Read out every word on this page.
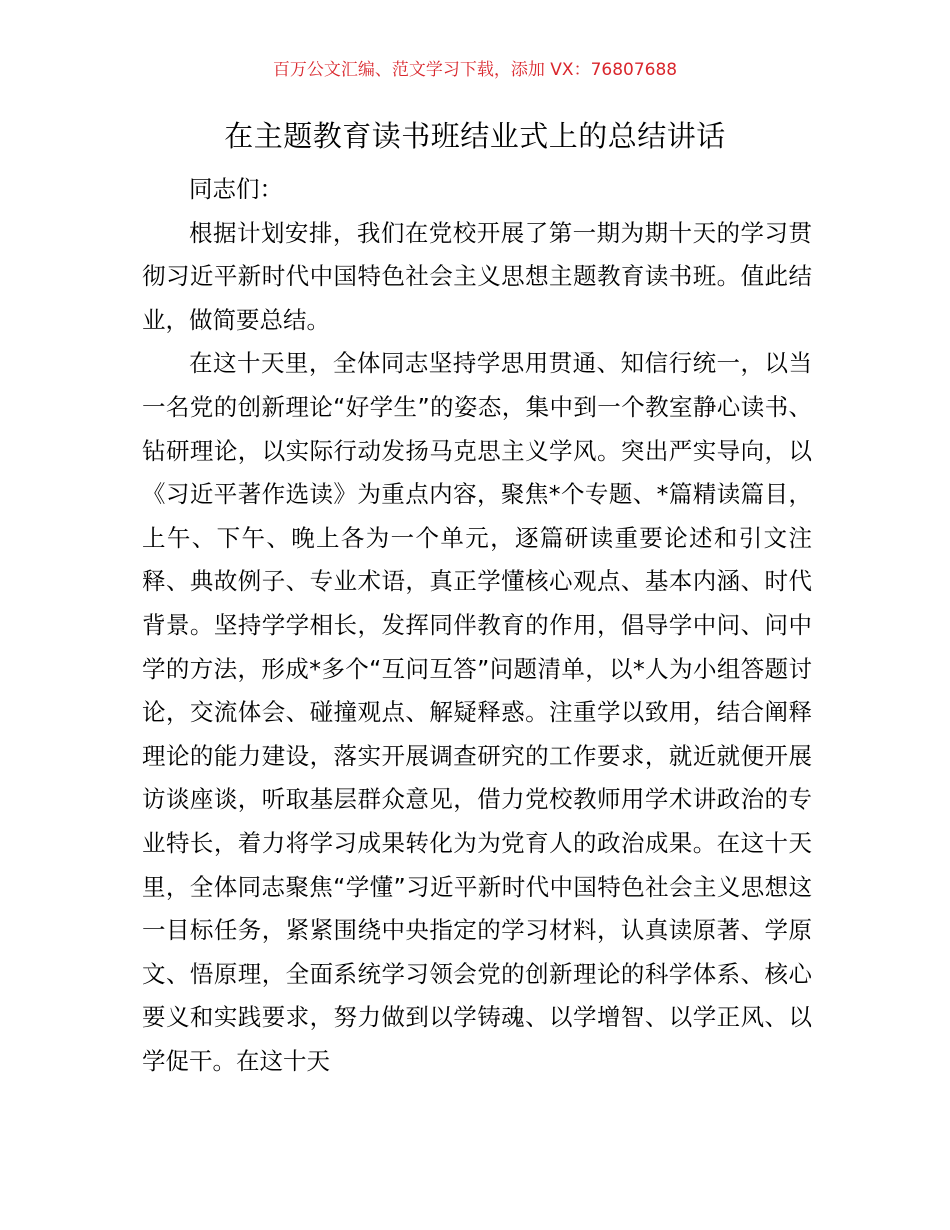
百万公文汇编、范文学习下载，添加 VX：76807688
在主题教育读书班结业式上的总结讲话

同志们：

根据计划安排，我们在党校开展了第一期为期十天的学习贯彻习近平新时代中国特色社会主义思想主题教育读书班。值此结业，做简要总结。

在这十天里，全体同志坚持学思用贯通、知信行统一，以当一名党的创新理论“好学生”的姿态，集中到一个教室静心读书、钻研理论，以实际行动发扬马克思主义学风。突出严实导向，以《习近平著作选读》为重点内容，聚焦*个专题、*篇精读篇目，上午、下午、晚上各为一个单元，逐篇研读重要论述和引文注释、典故例子、专业术语，真正学懂核心观点、基本内涵、时代背景。坚持学学相长，发挥同伴教育的作用，倡导学中问、问中学的方法，形成*多个“互问互答”问题清单，以*人为小组答题讨论，交流体会、碰撞观点、解疑释惑。注重学以致用，结合阐释理论的能力建设，落实开展调查研究的工作要求，就近就便开展访谈座谈，听取基层群众意见，借力党校教师用学术讲政治的专业特长，着力将学习成果转化为为党育人的政治成果。在这十天里，全体同志聚焦“学懂”习近平新时代中国特色社会主义思想这一目标任务，紧紧围绕中央指定的学习材料，认真读原著、学原文、悟原理，全面系统学习领会党的创新理论的科学体系、核心要义和实践要求，努力做到以学铸魂、以学增智、以学正风、以学促干。在这十天
